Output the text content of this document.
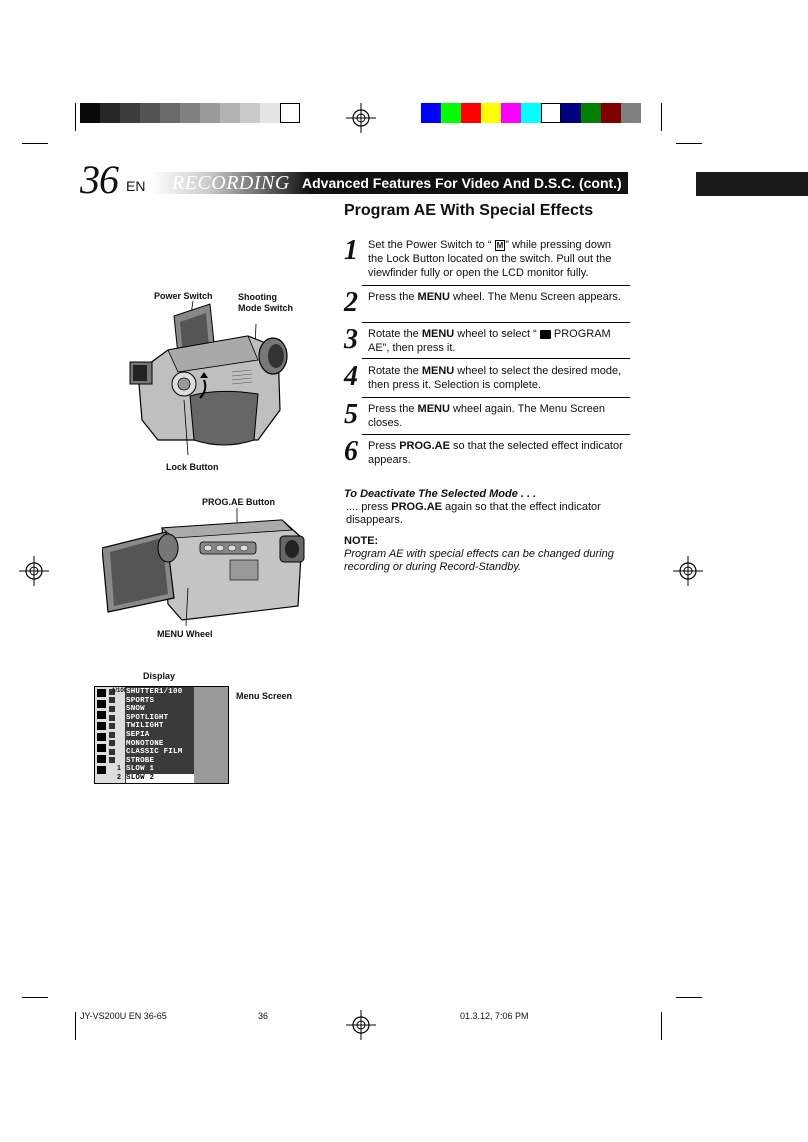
36 EN RECORDING Advanced Features For Video And D.S.C. (cont.)
Program AE With Special Effects
1 Set the Power Switch to “ M ” while pressing down the Lock Button located on the switch. Pull out the viewfinder fully or open the LCD monitor fully.
2 Press the MENU wheel. The Menu Screen appears.
3 Rotate the MENU wheel to select “  PROGRAM AE”, then press it.
4 Rotate the MENU wheel to select the desired mode, then press it. Selection is complete.
5 Press the MENU wheel again. The Menu Screen closes.
6 Press PROG.AE so that the selected effect indicator appears.
To Deactivate The Selected Mode . . .
.... press PROG.AE again so that the effect indicator disappears.
NOTE:
Program AE with special effects can be changed during recording or during Record-Standby.
Power Switch	Shooting
Mode Switch
Lock Button
PROG.AE Button
MENU Wheel
Display
Menu Screen
1/100
1
2
SHUTTER1/100
SPORTS
SNOW
SPOTLIGHT
TWILIGHT
SEPIA
MONOTONE
CLASSIC FILM
STROBE
SLOW 1
SLOW 2
JY-VS200U EN 36-65	36	01.3.12, 7:06 PM
